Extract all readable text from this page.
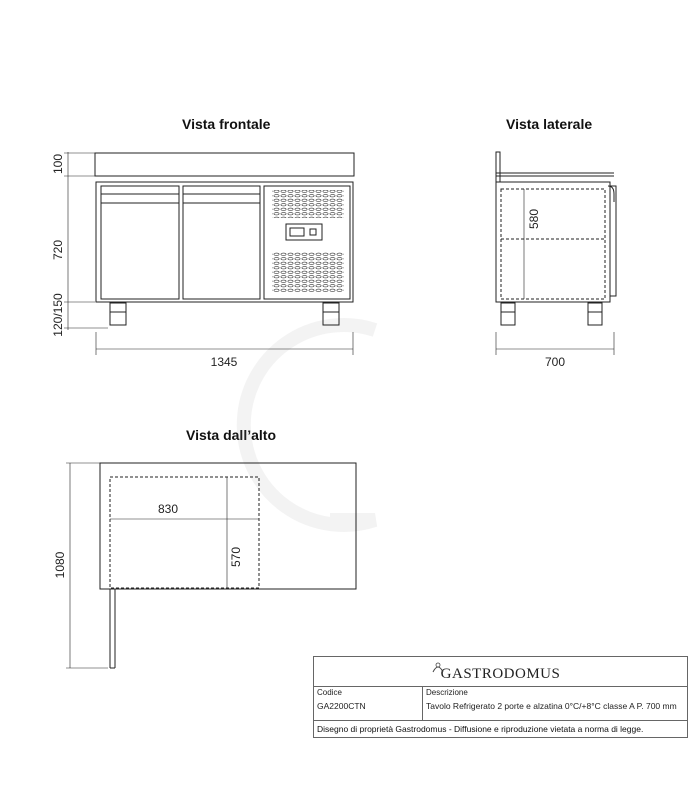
Vista frontale	Vista laterale
Vista dall’alto
100
720
120/150
1345
580
700
830
570
1080
GASTRODOMUS
Codice
GA2200CTN
Descrizione
Tavolo Refrigerato 2 porte e alzatina 0°C/+8°C classe A P. 700 mm
Disegno di proprietà Gastrodomus - Diffusione e riproduzione vietata a norma di legge.
